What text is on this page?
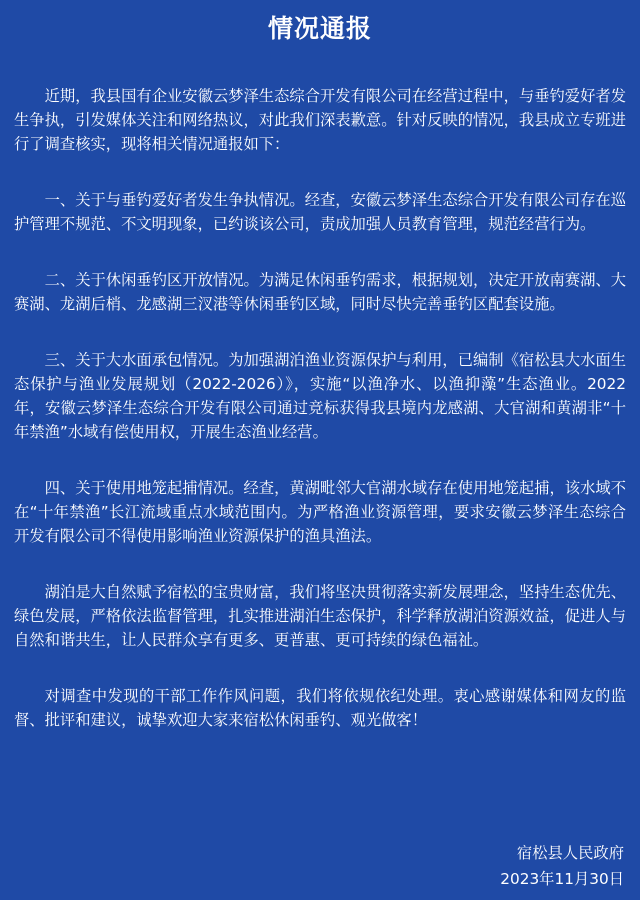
情况通报

近期，我县国有企业安徽云梦泽生态综合开发有限公司在经营过程中，与垂钓爱好者发生争执，引发媒体关注和网络热议，对此我们深表歉意。针对反映的情况，我县成立专班进行了调查核实，现将相关情况通报如下：

一、关于与垂钓爱好者发生争执情况。经查，安徽云梦泽生态综合开发有限公司存在巡护管理不规范、不文明现象，已约谈该公司，责成加强人员教育管理，规范经营行为。

二、关于休闲垂钓区开放情况。为满足休闲垂钓需求，根据规划，决定开放南赛湖、大赛湖、龙湖后梢、龙感湖三汊港等休闲垂钓区域，同时尽快完善垂钓区配套设施。

三、关于大水面承包情况。为加强湖泊渔业资源保护与利用，已编制《宿松县大水面生态保护与渔业发展规划（2022-2026）》，实施“以渔净水、以渔抑藻”生态渔业。2022年，安徽云梦泽生态综合开发有限公司通过竞标获得我县境内龙感湖、大官湖和黄湖非“十年禁渔”水域有偿使用权，开展生态渔业经营。

四、关于使用地笼起捕情况。经查，黄湖毗邻大官湖水域存在使用地笼起捕，该水域不在“十年禁渔”长江流域重点水域范围内。为严格渔业资源管理，要求安徽云梦泽生态综合开发有限公司不得使用影响渔业资源保护的渔具渔法。

湖泊是大自然赋予宿松的宝贵财富，我们将坚决贯彻落实新发展理念，坚持生态优先、绿色发展，严格依法监督管理，扎实推进湖泊生态保护，科学释放湖泊资源效益，促进人与自然和谐共生，让人民群众享有更多、更普惠、更可持续的绿色福祉。

对调查中发现的干部工作作风问题，我们将依规依纪处理。衷心感谢媒体和网友的监督、批评和建议，诚挚欢迎大家来宿松休闲垂钓、观光做客！

宿松县人民政府
2023年11月30日
